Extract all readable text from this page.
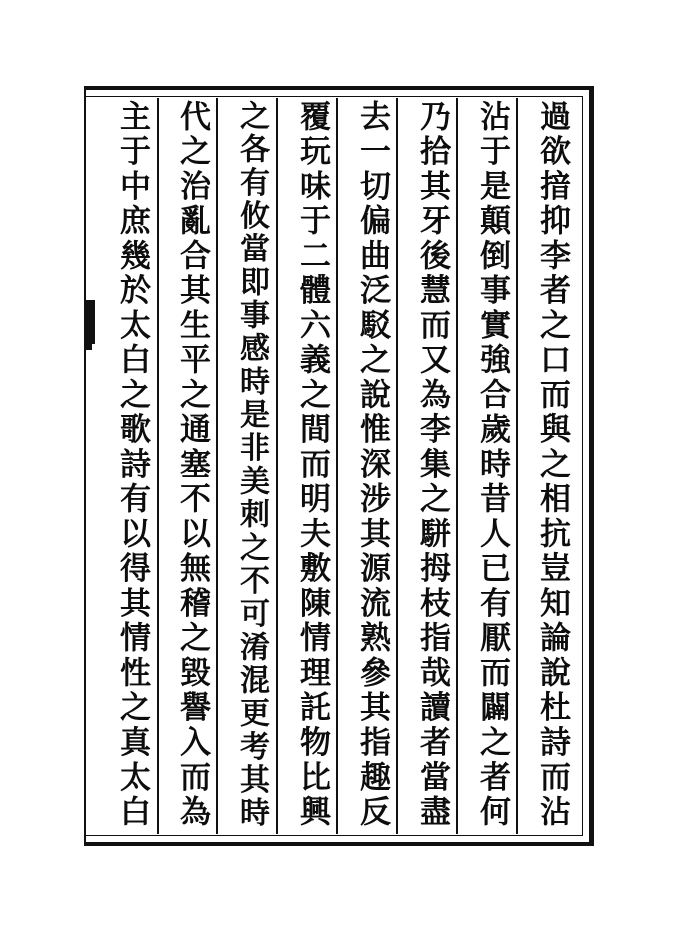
過欲揞抑李者之口而與之相抗豈知論說杜詩而沾
沾于是顛倒事實強合歲時昔人已有厭而闢之者何
乃拾其牙後慧而又為李集之駢拇枝指哉讀者當盡
去一切偏曲泛駁之說惟深涉其源流熟參其指趣反
覆玩味于二體六義之間而明夫敷陳情理託物比興
之各有攸當即事感時是非美刺之不可淆混更考其時
代之治亂合其生平之通塞不以無稽之毀譽入而為
主于中庶幾於太白之歌詩有以得其情性之真太白
